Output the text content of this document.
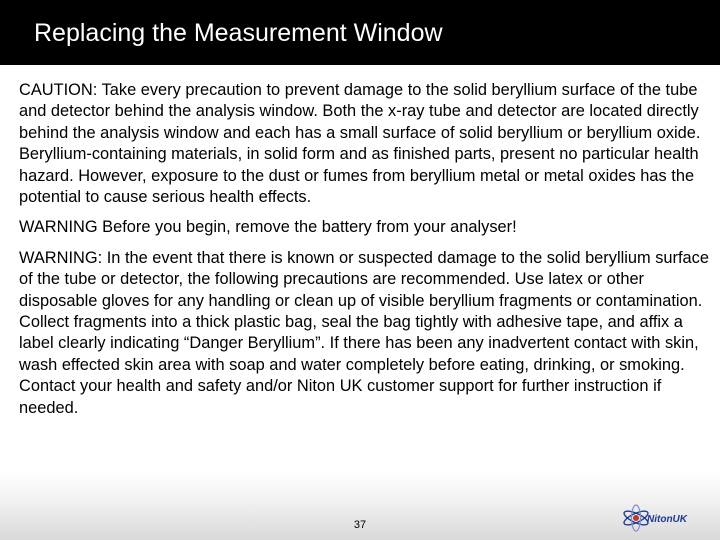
Replacing the Measurement Window

CAUTION: Take every precaution to prevent damage to the solid beryllium surface of the tube and detector behind the analysis window. Both the x-ray tube and detector are located directly behind the analysis window and each has a small surface of solid beryllium or beryllium oxide. Beryllium-containing materials, in solid form and as finished parts, present no particular health hazard. However, exposure to the dust or fumes from beryllium metal or metal oxides has the potential to cause serious health effects.

WARNING Before you begin, remove the battery from your analyser!

WARNING: In the event that there is known or suspected damage to the solid beryllium surface of the tube or detector, the following precautions are recommended. Use latex or other disposable gloves for any handling or clean up of visible beryllium fragments or contamination. Collect fragments into a thick plastic bag, seal the bag tightly with adhesive tape, and affix a label clearly indicating “Danger Beryllium”. If there has been any inadvertent contact with skin, wash effected skin area with soap and water completely before eating, drinking, or smoking. Contact your health and safety and/or Niton UK customer support for further instruction if needed.

37	NitonUK
